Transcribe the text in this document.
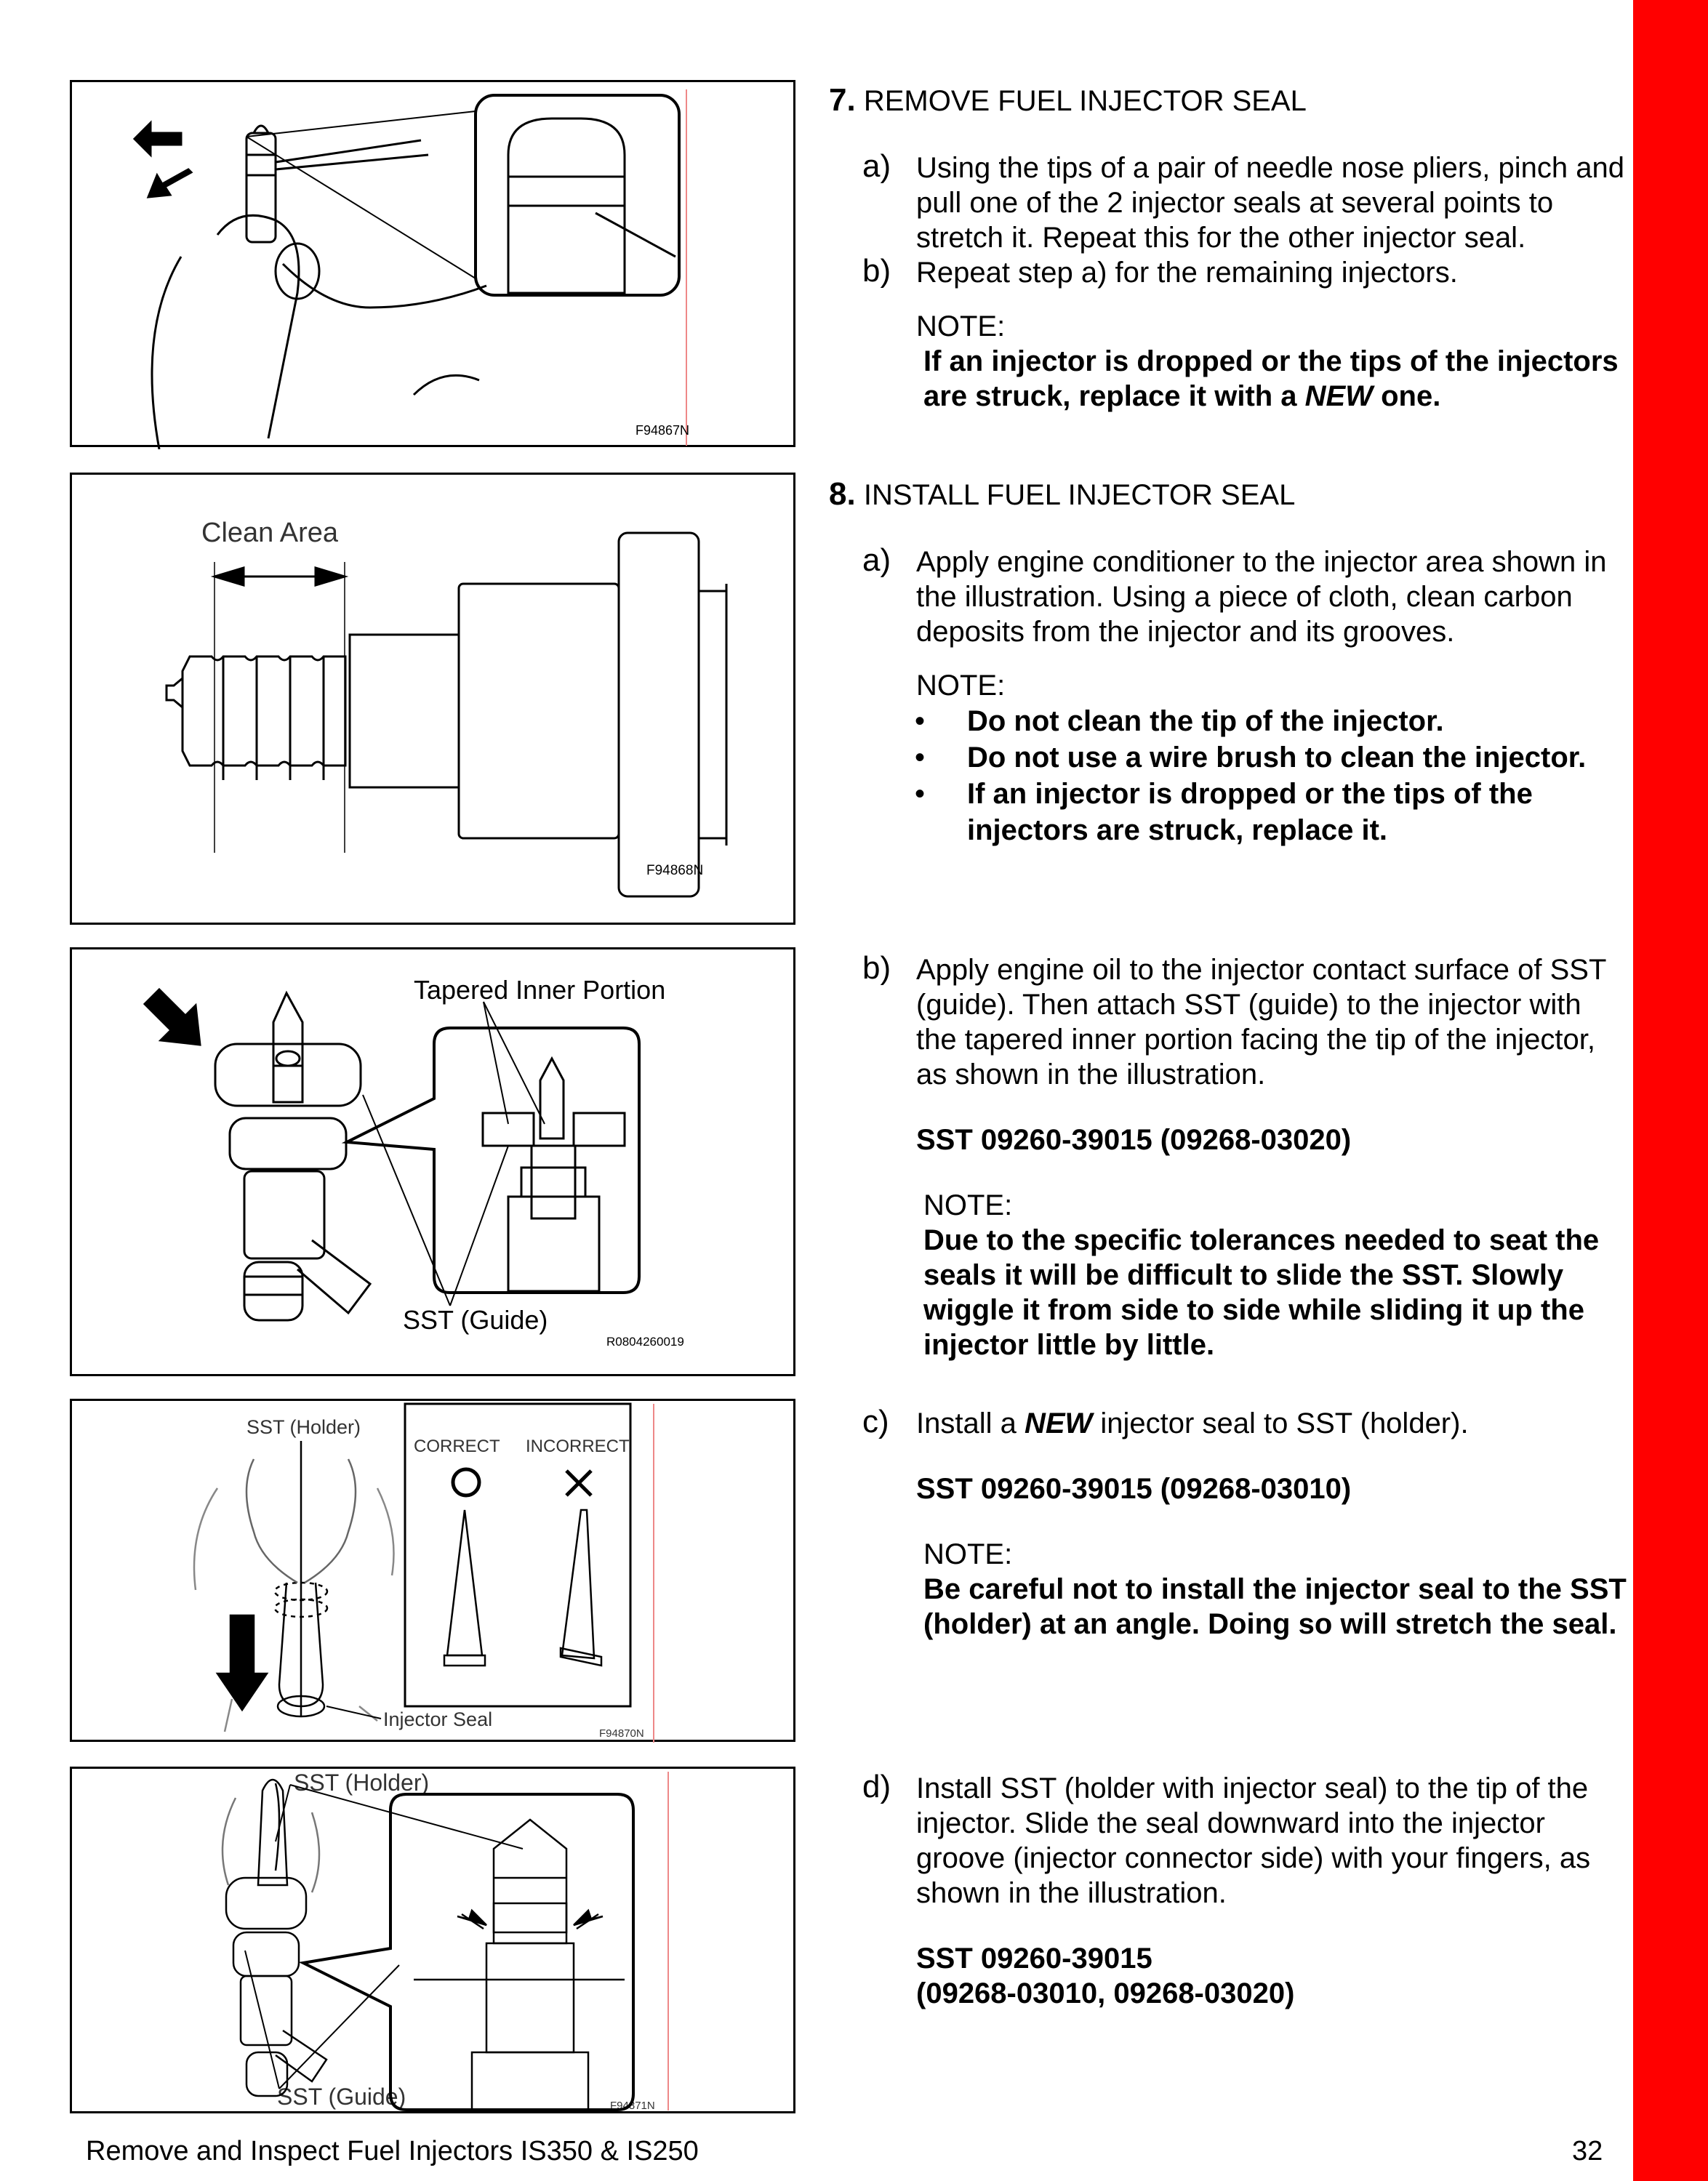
F94867N
Clean Area
F94868N
Tapered Inner Portion
SST (Guide)
R0804260019
SST (Holder)
CORRECT INCORRECT
Injector Seal
F94870N
SST (Holder)
SST (Guide)	F94871N
7. REMOVE FUEL INJECTOR SEAL
a) Using the tips of a pair of needle nose pliers, pinch and pull one of the 2 injector seals at several points to stretch it. Repeat this for the other injector seal.
b) Repeat step a) for the remaining injectors.
NOTE:
If an injector is dropped or the tips of the injectors are struck, replace it with a NEW one.
8. INSTALL FUEL INJECTOR SEAL
a) Apply engine conditioner to the injector area shown in the illustration. Using a piece of cloth, clean carbon deposits from the injector and its grooves.
NOTE:
• Do not clean the tip of the injector.
• Do not use a wire brush to clean the injector.
• If an injector is dropped or the tips of the injectors are struck, replace it.
b) Apply engine oil to the injector contact surface of SST (guide). Then attach SST (guide) to the injector with the tapered inner portion facing the tip of the injector, as shown in the illustration.
SST 09260-39015 (09268-03020)
NOTE:
Due to the specific tolerances needed to seat the seals it will be difficult to slide the SST. Slowly wiggle it from side to side while sliding it up the injector little by little.
c) Install a NEW injector seal to SST (holder).
SST 09260-39015 (09268-03010)
NOTE:
Be careful not to install the injector seal to the SST (holder) at an angle. Doing so will stretch the seal.
d) Install SST (holder with injector seal) to the tip of the injector. Slide the seal downward into the injector groove (injector connector side) with your fingers, as shown in the illustration.
SST 09260-39015
(09268-03010, 09268-03020)
Remove and Inspect Fuel Injectors IS350 & IS250	32
